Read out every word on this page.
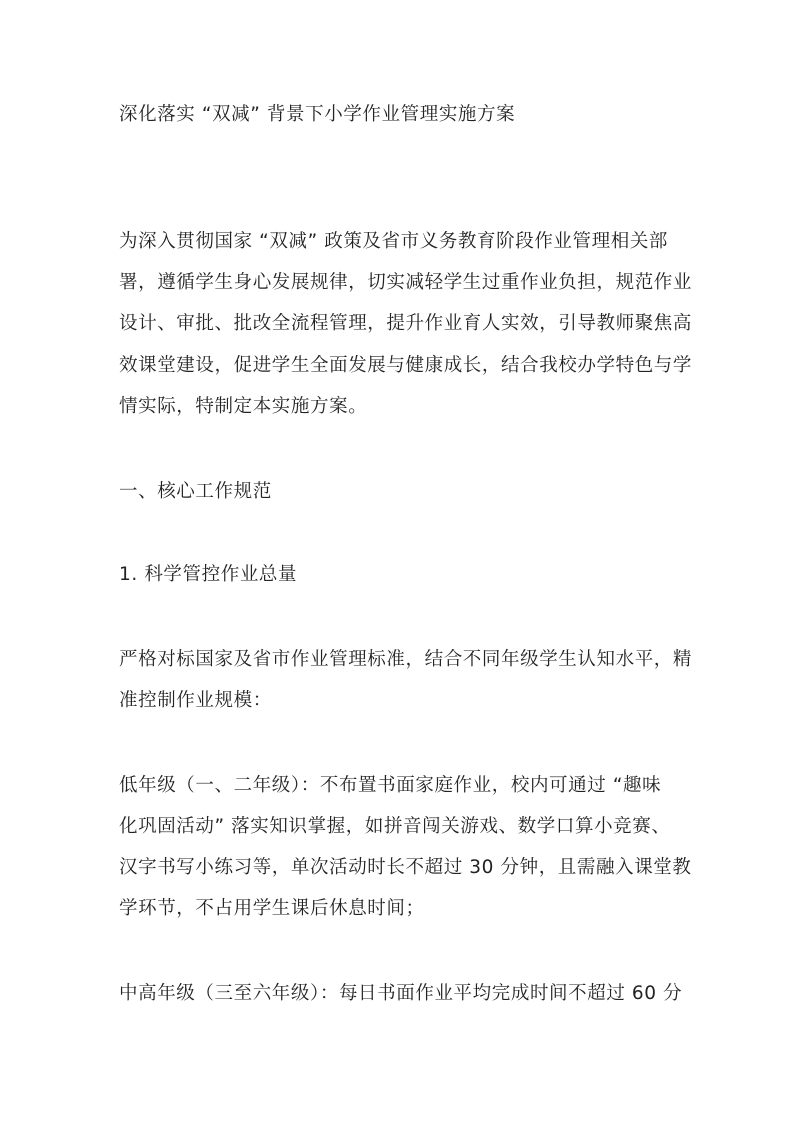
深化落实 “双减” 背景下小学作业管理实施方案
为深入贯彻国家 “双减” 政策及省市义务教育阶段作业管理相关部
署，遵循学生身心发展规律，切实减轻学生过重作业负担，规范作业
设计、审批、批改全流程管理，提升作业育人实效，引导教师聚焦高
效课堂建设，促进学生全面发展与健康成长，结合我校办学特色与学
情实际，特制定本实施方案。
一、核心工作规范
1. 科学管控作业总量
严格对标国家及省市作业管理标准，结合不同年级学生认知水平，精
准控制作业规模：
低年级（一、二年级）：不布置书面家庭作业，校内可通过 “趣味
化巩固活动” 落实知识掌握，如拼音闯关游戏、数学口算小竞赛、
汉字书写小练习等，单次活动时长不超过 30 分钟，且需融入课堂教
学环节，不占用学生课后休息时间；
中高年级（三至六年级）：每日书面作业平均完成时间不超过 60 分
